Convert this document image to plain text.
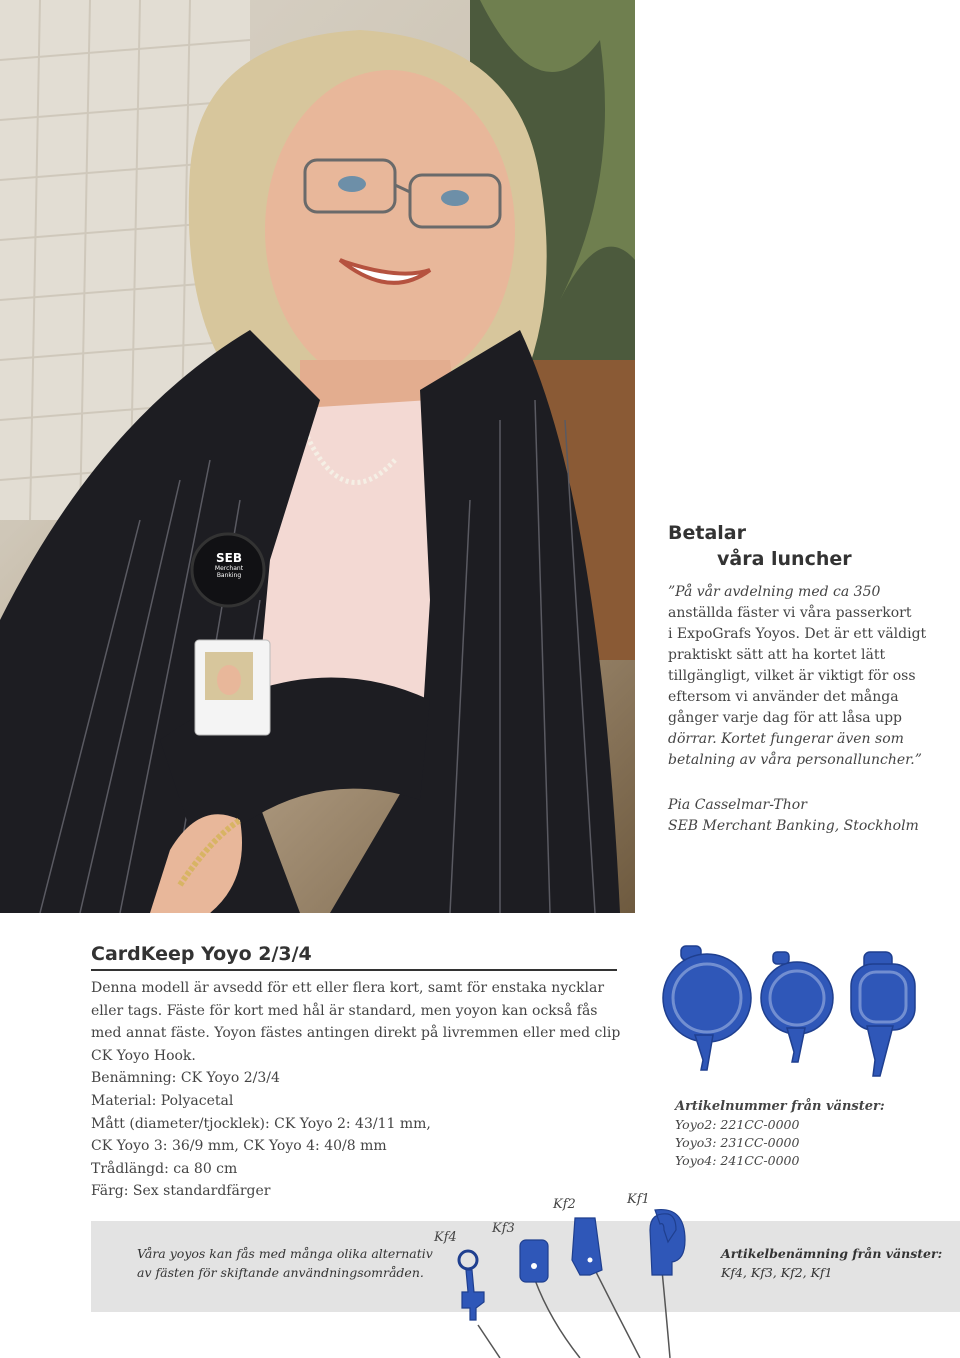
SEB
Merchant
Banking
Betalar
våra luncher
”På vår avdelning med ca 350
anställda fäster vi våra passerkort
i ExpoGrafs Yoyos. Det är ett väldigt
praktiskt sätt att ha kortet lätt
tillgängligt, vilket är viktigt för oss
eftersom vi använder det många
gånger varje dag för att låsa upp
dörrar. Kortet fungerar även som
betalning av våra personalluncher.”
Pia Casselmar-Thor
SEB Merchant Banking, Stockholm
CardKeep Yoyo 2/3/4
Denna modell är avsedd för ett eller flera kort, samt för enstaka nycklar
eller tags. Fäste för kort med hål är standard, men yoyon kan också fås
med annat fäste. Yoyon fästes antingen direkt på livremmen eller med clip
CK Yoyo Hook.
Benämning: CK Yoyo 2/3/4
Material: Polyacetal
Mått (diameter/tjocklek): CK Yoyo 2: 43/11 mm,
CK Yoyo 3: 36/9 mm, CK Yoyo 4: 40/8 mm
Trådlängd: ca 80 cm
Färg: Sex standardfärger
Artikelnummer från vänster:
Yoyo2: 221CC-0000
Yoyo3: 231CC-0000
Yoyo4: 241CC-0000
Våra yoyos kan fås med många olika alternativ
av fästen för skiftande användningsområden.
Artikelbenämning från vänster:
Kf4, Kf3, Kf2, Kf1
Kf4
Kf3
Kf2	Kf1
